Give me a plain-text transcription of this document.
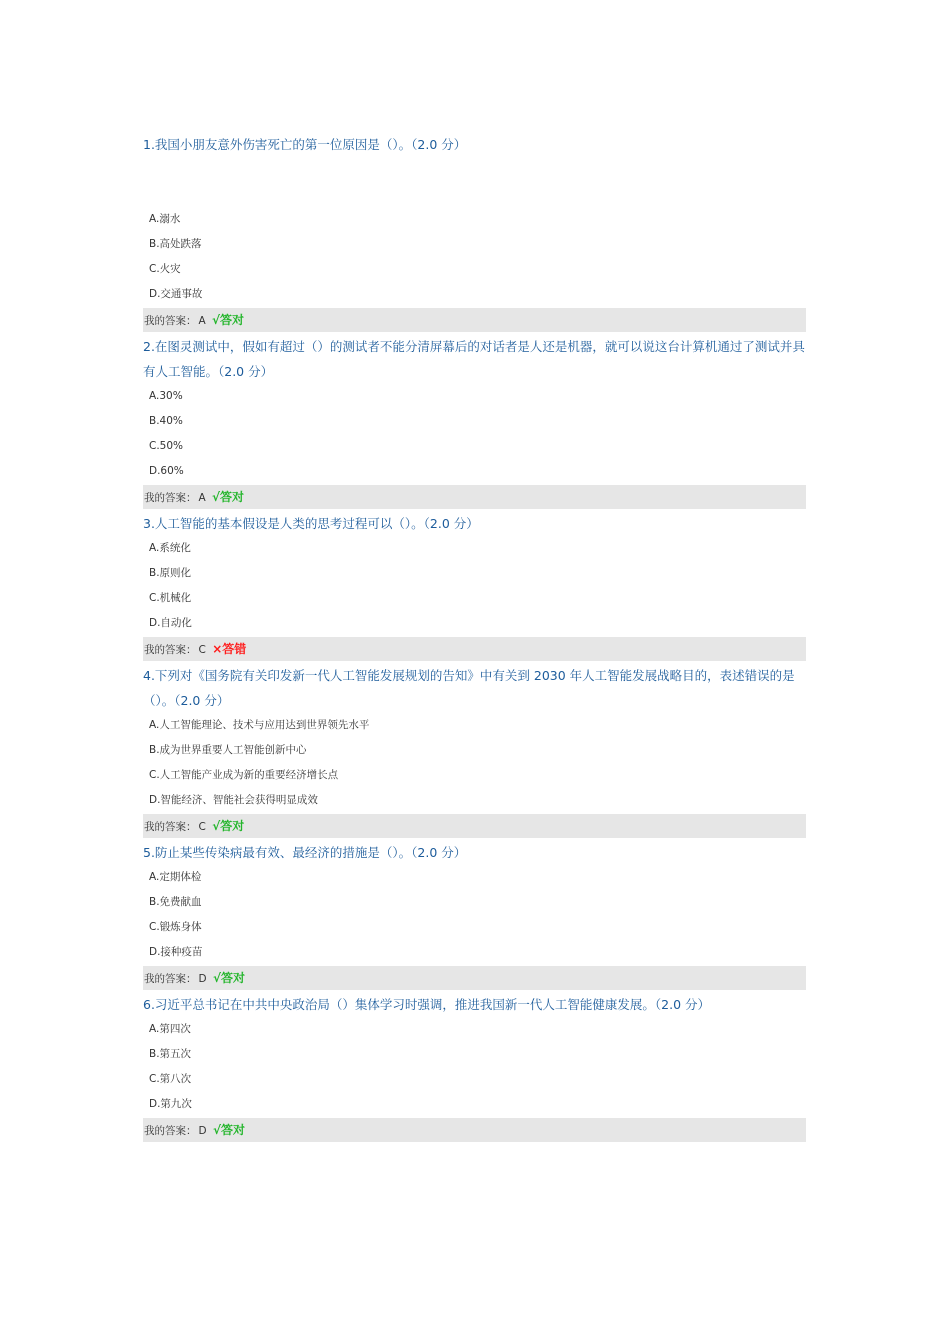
1.我国小朋友意外伤害死亡的第一位原因是（）。（2.0 分）

A.溺水
B.高处跌落
C.火灾
D.交通事故
我的答案： A √答对

2.在图灵测试中，假如有超过（）的测试者不能分清屏幕后的对话者是人还是机器，就可以说这台计算机通过了测试并具有人工智能。（2.0 分）

A.30%
B.40%
C.50%
D.60%
我的答案： A √答对

3.人工智能的基本假设是人类的思考过程可以（）。（2.0 分）

A.系统化
B.原则化
C.机械化
D.自动化
我的答案： C ×答错

4.下列对《国务院有关印发新一代人工智能发展规划的告知》中有关到 2030 年人工智能发展战略目的，表述错误的是（）。（2.0 分）

A.人工智能理论、技术与应用达到世界领先水平
B.成为世界重要人工智能创新中心
C.人工智能产业成为新的重要经济增长点
D.智能经济、智能社会获得明显成效
我的答案： C √答对

5.防止某些传染病最有效、最经济的措施是（）。（2.0 分）

A.定期体检
B.免费献血
C.锻炼身体
D.接种疫苗
我的答案： D √答对

6.习近平总书记在中共中央政治局（）集体学习时强调，推进我国新一代人工智能健康发展。（2.0 分）

A.第四次
B.第五次
C.第八次
D.第九次
我的答案： D √答对
